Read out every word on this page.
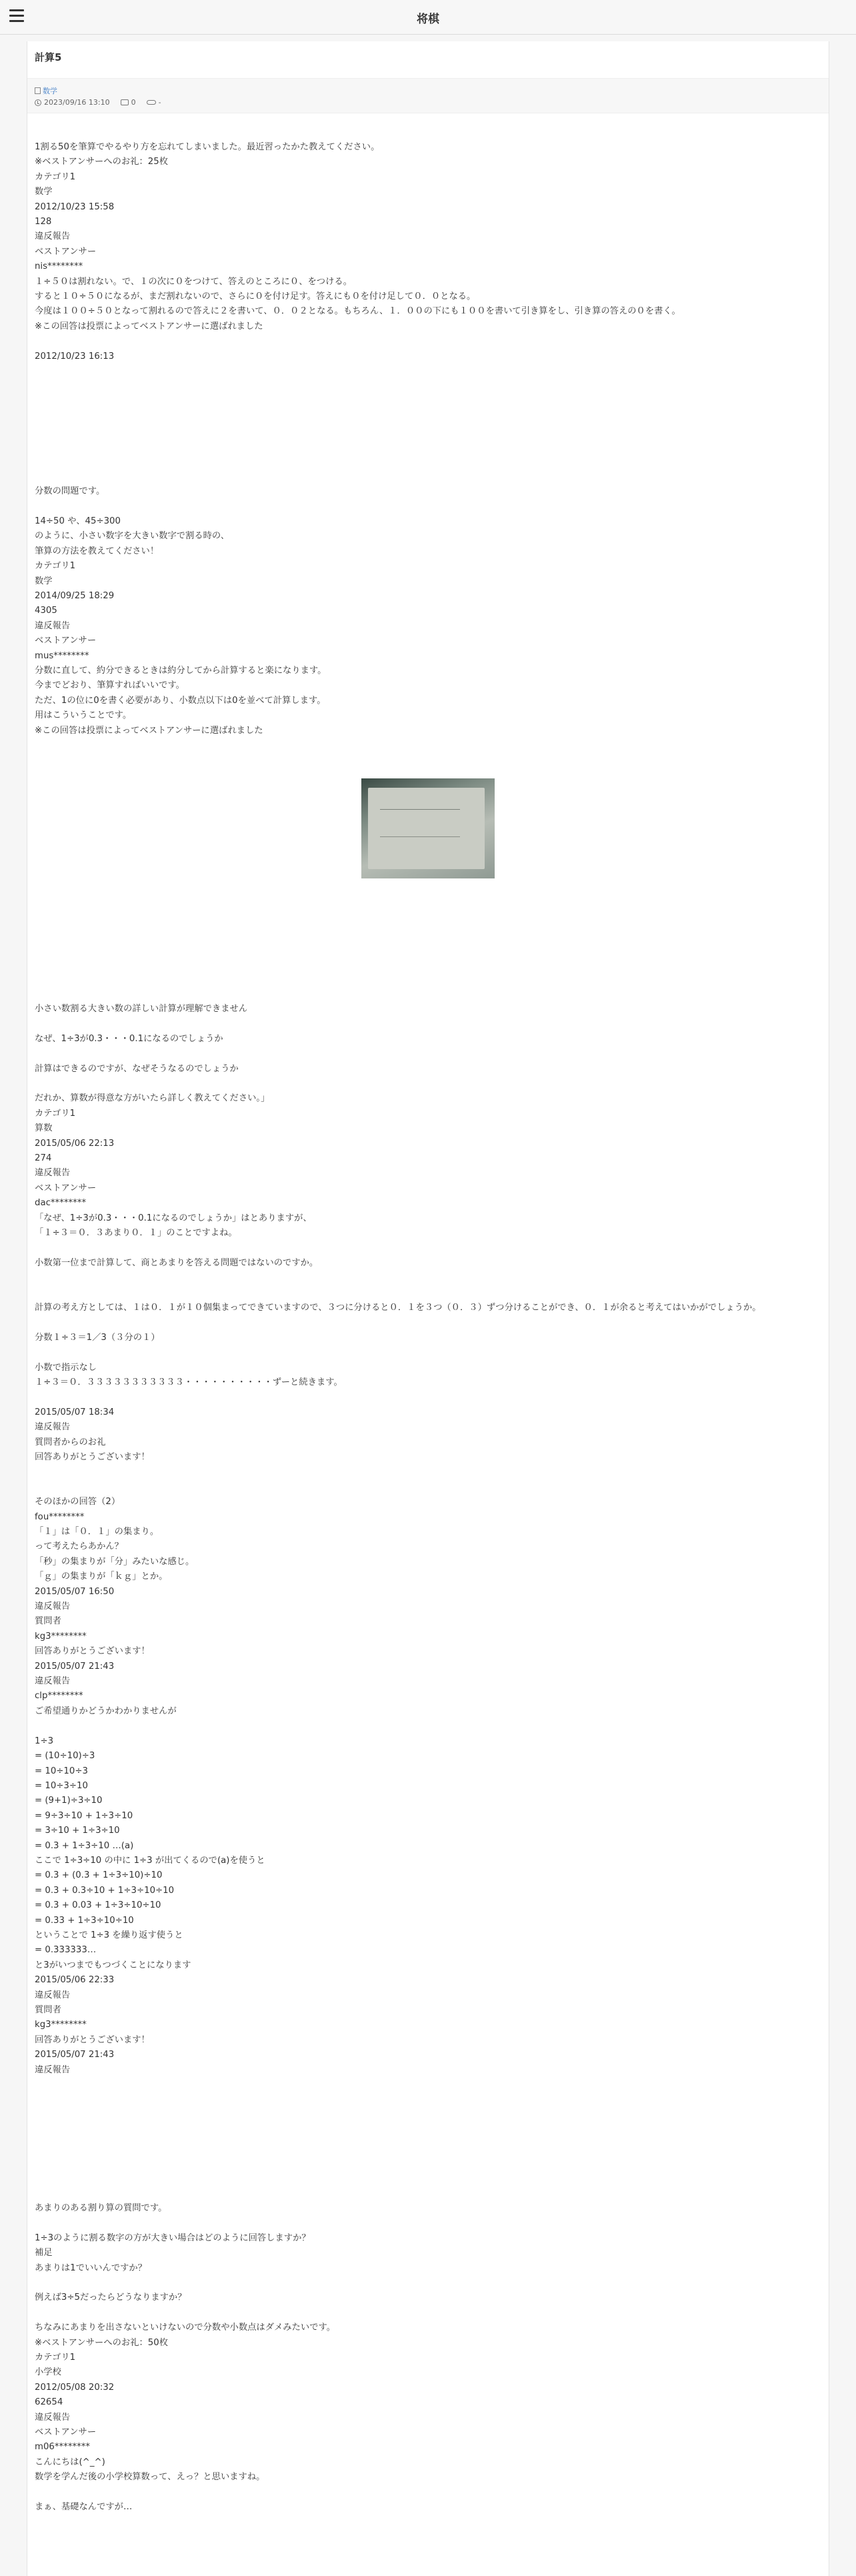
将棋
計算5
数学
2023/09/16 13:10	0	-
1割る50を筆算でやるやり方を忘れてしまいました。最近習ったかた教えてください。
※ベストアンサーへのお礼：25枚
カテゴリ1
数学
2012/10/23 15:58
128
違反報告
ベストアンサー
nis********
１÷５０は割れない。で、１の次に０をつけて、答えのところに０、をつける。
すると１０÷５０になるが、まだ割れないので、さらに０を付け足す。答えにも０を付け足して０．０となる。
今度は１００÷５０となって割れるので答えに２を書いて、０．０２となる。もちろん、１．００の下にも１００を書いて引き算をし、引き算の答えの０を書く。
※この回答は投票によってベストアンサーに選ばれました
2012/10/23 16:13
分数の問題です。
14÷50 や、45÷300
のように、小さい数字を大きい数字で割る時の、
筆算の方法を教えてください！
カテゴリ1
数学
2014/09/25 18:29
4305
違反報告
ベストアンサー
mus********
分数に直して、約分できるときは約分してから計算すると楽になります。
今までどおり、筆算すればいいです。
ただ、1の位に0を書く必要があり、小数点以下は0を並べて計算します。
用はこういうことです。
※この回答は投票によってベストアンサーに選ばれました
小さい数割る大きい数の詳しい計算が理解できません
なぜ、1÷3が0.3・・・0.1になるのでしょうか
計算はできるのですが、なぜそうなるのでしょうか
だれか、算数が得意な方がいたら詳しく教えてください。」
カテゴリ1
算数
2015/05/06 22:13
274
違反報告
ベストアンサー
dac********
「なぜ、1÷3が0.3・・・0.1になるのでしょうか」はとありますが、
「１÷３＝０．３あまり０．１」のことですよね。
小数第一位まで計算して、商とあまりを答える問題ではないのですか。
計算の考え方としては、１は０．１が１０個集まってできていますので、３つに分けると０．１を３つ（０．３）ずつ分けることができ、０．１が余ると考えてはいかがでしょうか。
分数１÷３＝1／3（３分の１）
小数で指示なし
１÷３＝０．３３３３３３３３３３３・・・・・・・・・・ずーと続きます。
2015/05/07 18:34
違反報告
質問者からのお礼
回答ありがとうございます！
そのほかの回答（2）
fou********
「１」は「０．１」の集まり。
って考えたらあかん？
「秒」の集まりが「分」みたいな感じ。
「ｇ」の集まりが「ｋｇ」とか。
2015/05/07 16:50
違反報告
質問者
kg3********
回答ありがとうございます！
2015/05/07 21:43
違反報告
clp********
ご希望通りかどうかわかりませんが
1÷3
= (10÷10)÷3
= 10÷10÷3
= 10÷3÷10
= (9+1)÷3÷10
= 9÷3÷10 + 1÷3÷10
= 3÷10 + 1÷3÷10
= 0.3 + 1÷3÷10 …(a)
ここで 1÷3÷10 の中に 1÷3 が出てくるので(a)を使うと
= 0.3 + (0.3 + 1÷3÷10)÷10
= 0.3 + 0.3÷10 + 1÷3÷10÷10
= 0.3 + 0.03 + 1÷3÷10÷10
= 0.33 + 1÷3÷10÷10
ということで 1÷3 を繰り返す使うと
= 0.333333…
と3がいつまでもつづくことになります
2015/05/06 22:33
違反報告
質問者
kg3********
回答ありがとうございます！
2015/05/07 21:43
違反報告
あまりのある割り算の質問です。
1÷3のように割る数字の方が大きい場合はどのように回答しますか？
補足
あまりは1でいいんですか？
例えば3÷5だったらどうなりますか？
ちなみにあまりを出さないといけないので分数や小数点はダメみたいです。
※ベストアンサーへのお礼：50枚
カテゴリ1
小学校
2012/05/08 20:32
62654
違反報告
ベストアンサー
m06********
こんにちは(^_^)
数学を学んだ後の小学校算数って、えっ？と思いますね。
まぁ、基礎なんですが…
